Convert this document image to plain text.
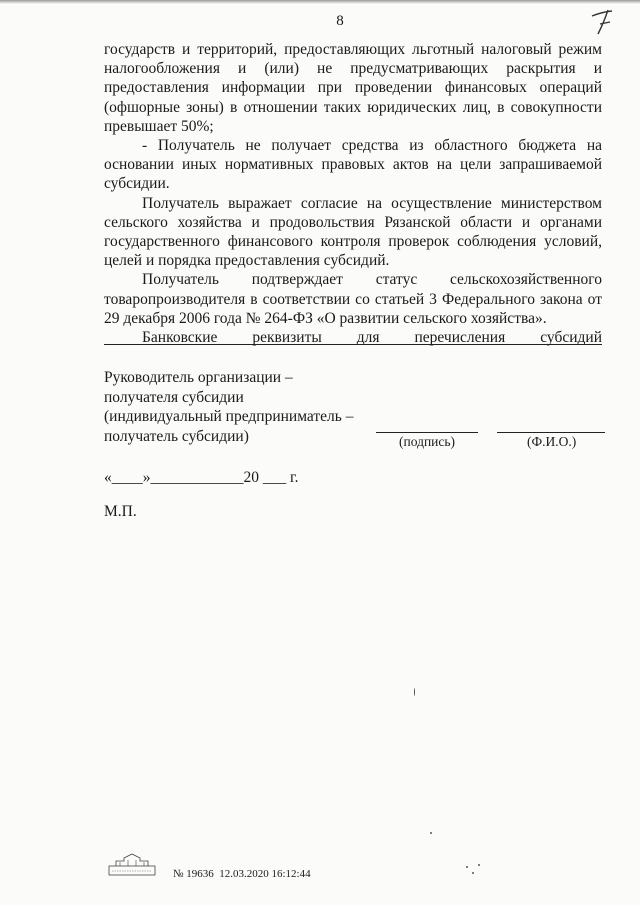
8

государств и территорий, предоставляющих льготный налоговый режим налогообложения и (или) не предусматривающих раскрытия и предоставления информации при проведении финансовых операций (офшорные зоны) в отношении таких юридических лиц, в совокупности превышает 50%;

- Получатель не получает средства из областного бюджета на основании иных нормативных правовых актов на цели запрашиваемой субсидии.

Получатель выражает согласие на осуществление министерством сельского хозяйства и продовольствия Рязанской области и органами государственного финансового контроля проверок соблюдения условий, целей и порядка предоставления субсидий.

Получатель подтверждает статус сельскохозяйственного товаропроизводителя в соответствии со статьей 3 Федерального закона от 29 декабря 2006 года № 264-ФЗ «О развитии сельского хозяйства».

Банковские реквизиты для перечисления субсидий

Руководитель организации –
получателя субсидии
(индивидуальный предприниматель –
получатель субсидии)	(подпись)	(Ф.И.О.)
«____»____________20 ___ г.
М.П.
№ 19636  12.03.2020 16:12:44
